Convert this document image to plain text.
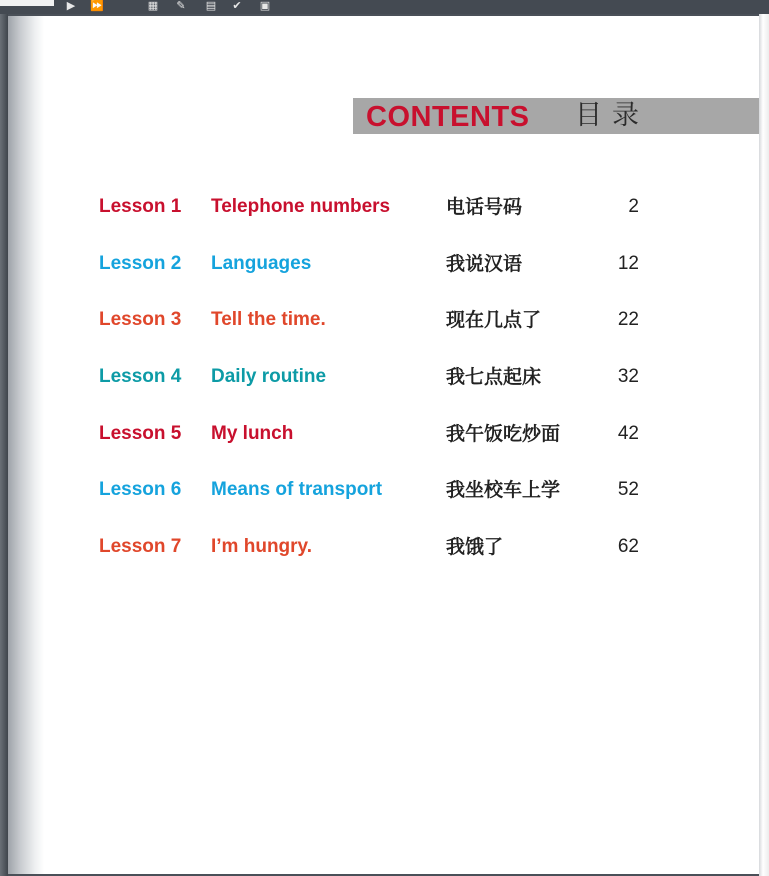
▶ ⏩	▦ ✎ ▤ ✔ ▣
CONTENTS 目录
Lesson 1 Telephone numbers	电话号码	2
Lesson 2 Languages	我说汉语	12
Lesson 3 Tell the time.	现在几点了	22
Lesson 4 Daily routine	我七点起床	32
Lesson 5 My lunch	我午饭吃炒面	42
Lesson 6 Means of transport	我坐校车上学	52
Lesson 7 I’m hungry.	我饿了	62
